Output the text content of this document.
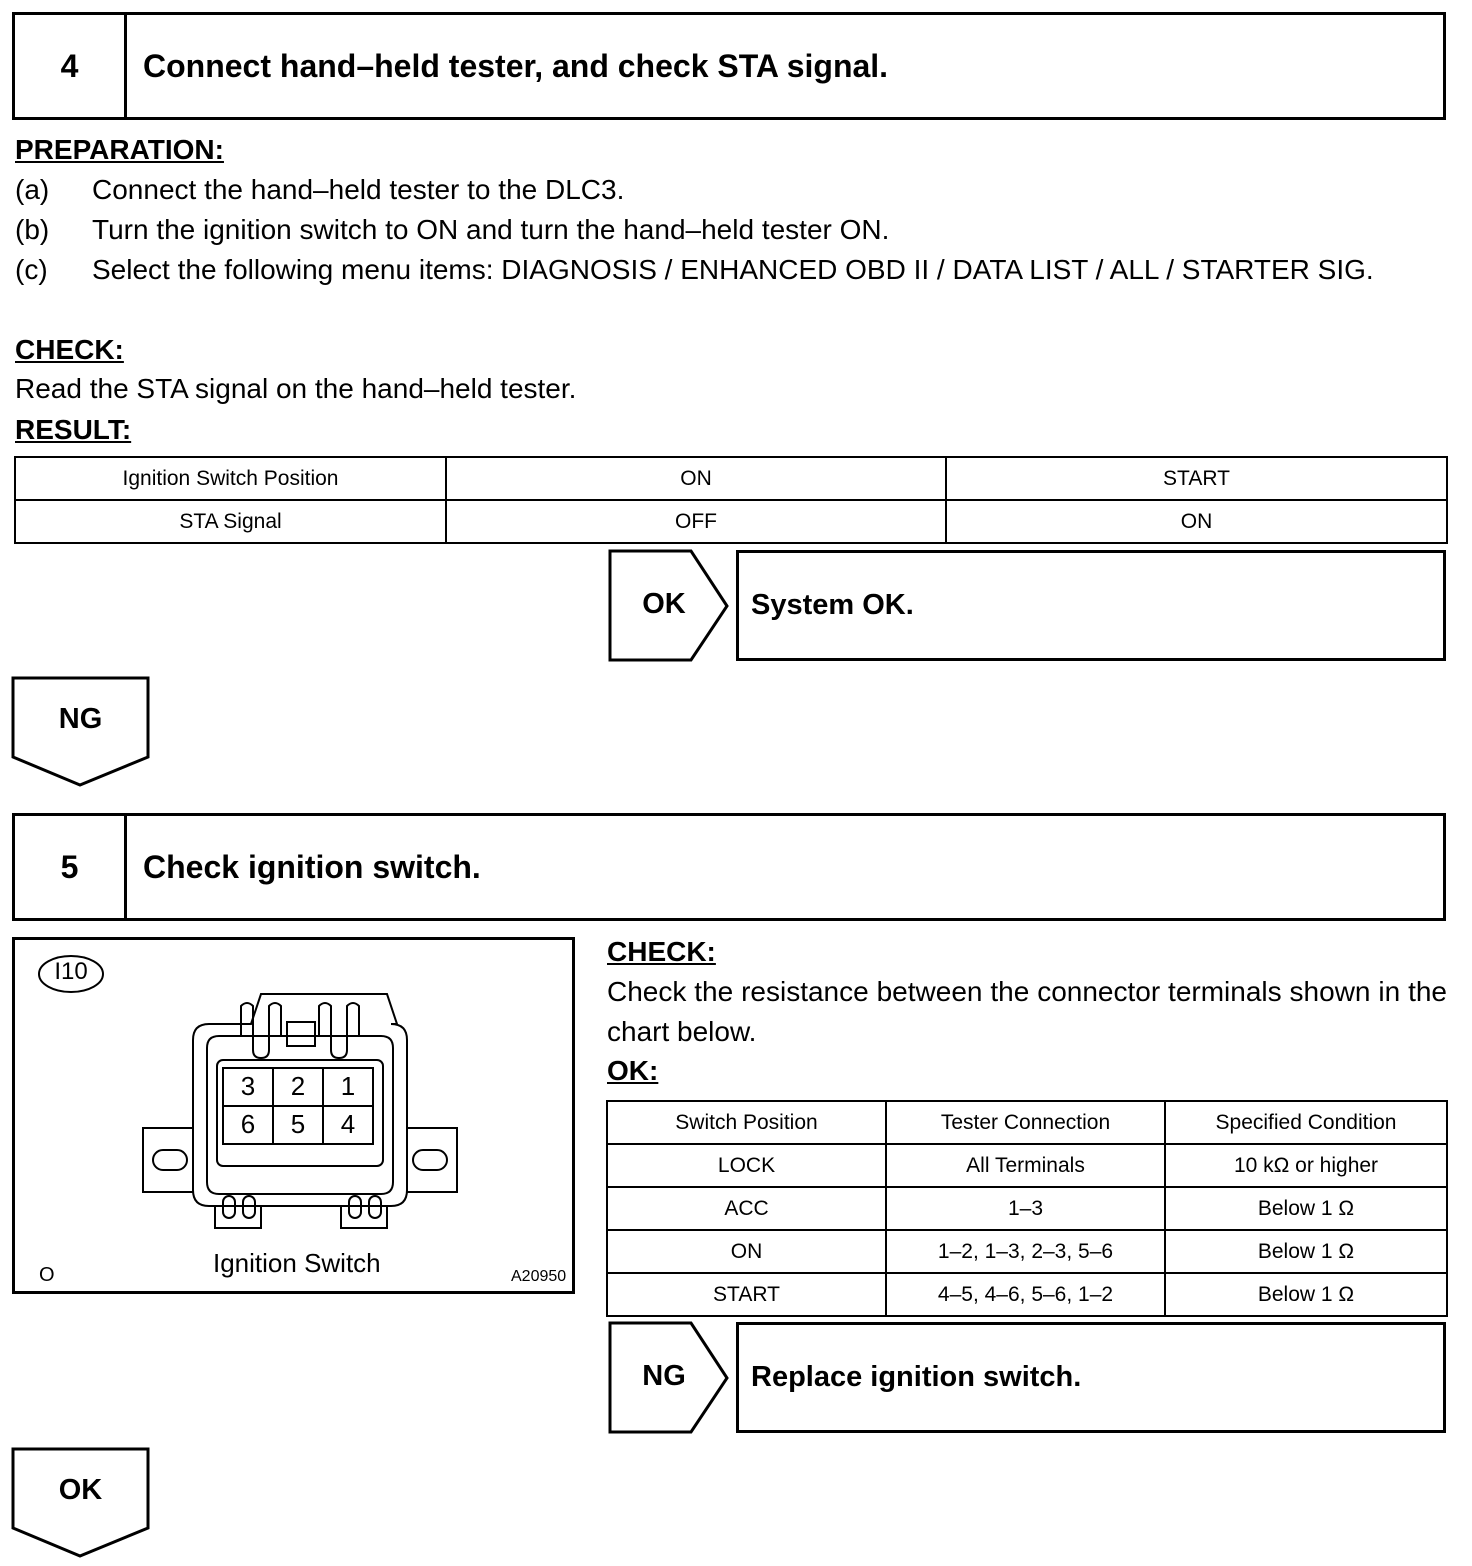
4	Connect hand–held tester, and check STA signal.
PREPARATION:
(a) Connect the hand–held tester to the DLC3.
(b) Turn the ignition switch to ON and turn the hand–held tester ON.
(c) Select the following menu items: DIAGNOSIS / ENHANCED OBD II / DATA LIST / ALL / STARTER SIG.
CHECK:
Read the STA signal on the hand–held tester.
RESULT:
Ignition Switch Position	ON	START
STA Signal	OFF	ON
OK	System OK.
NG
5	Check ignition switch.
I10
3	2	1
6	5	4
Ignition Switch
O	A20950
CHECK:
Check the resistance between the connector terminals shown in the chart below.
OK:
Switch Position	Tester Connection	Specified Condition
LOCK	All Terminals	10 kΩ or higher
ACC	1–3	Below 1 Ω
ON	1–2, 1–3, 2–3, 5–6	Below 1 Ω
START	4–5, 4–6, 5–6, 1–2	Below 1 Ω
NG	Replace ignition switch.
OK
